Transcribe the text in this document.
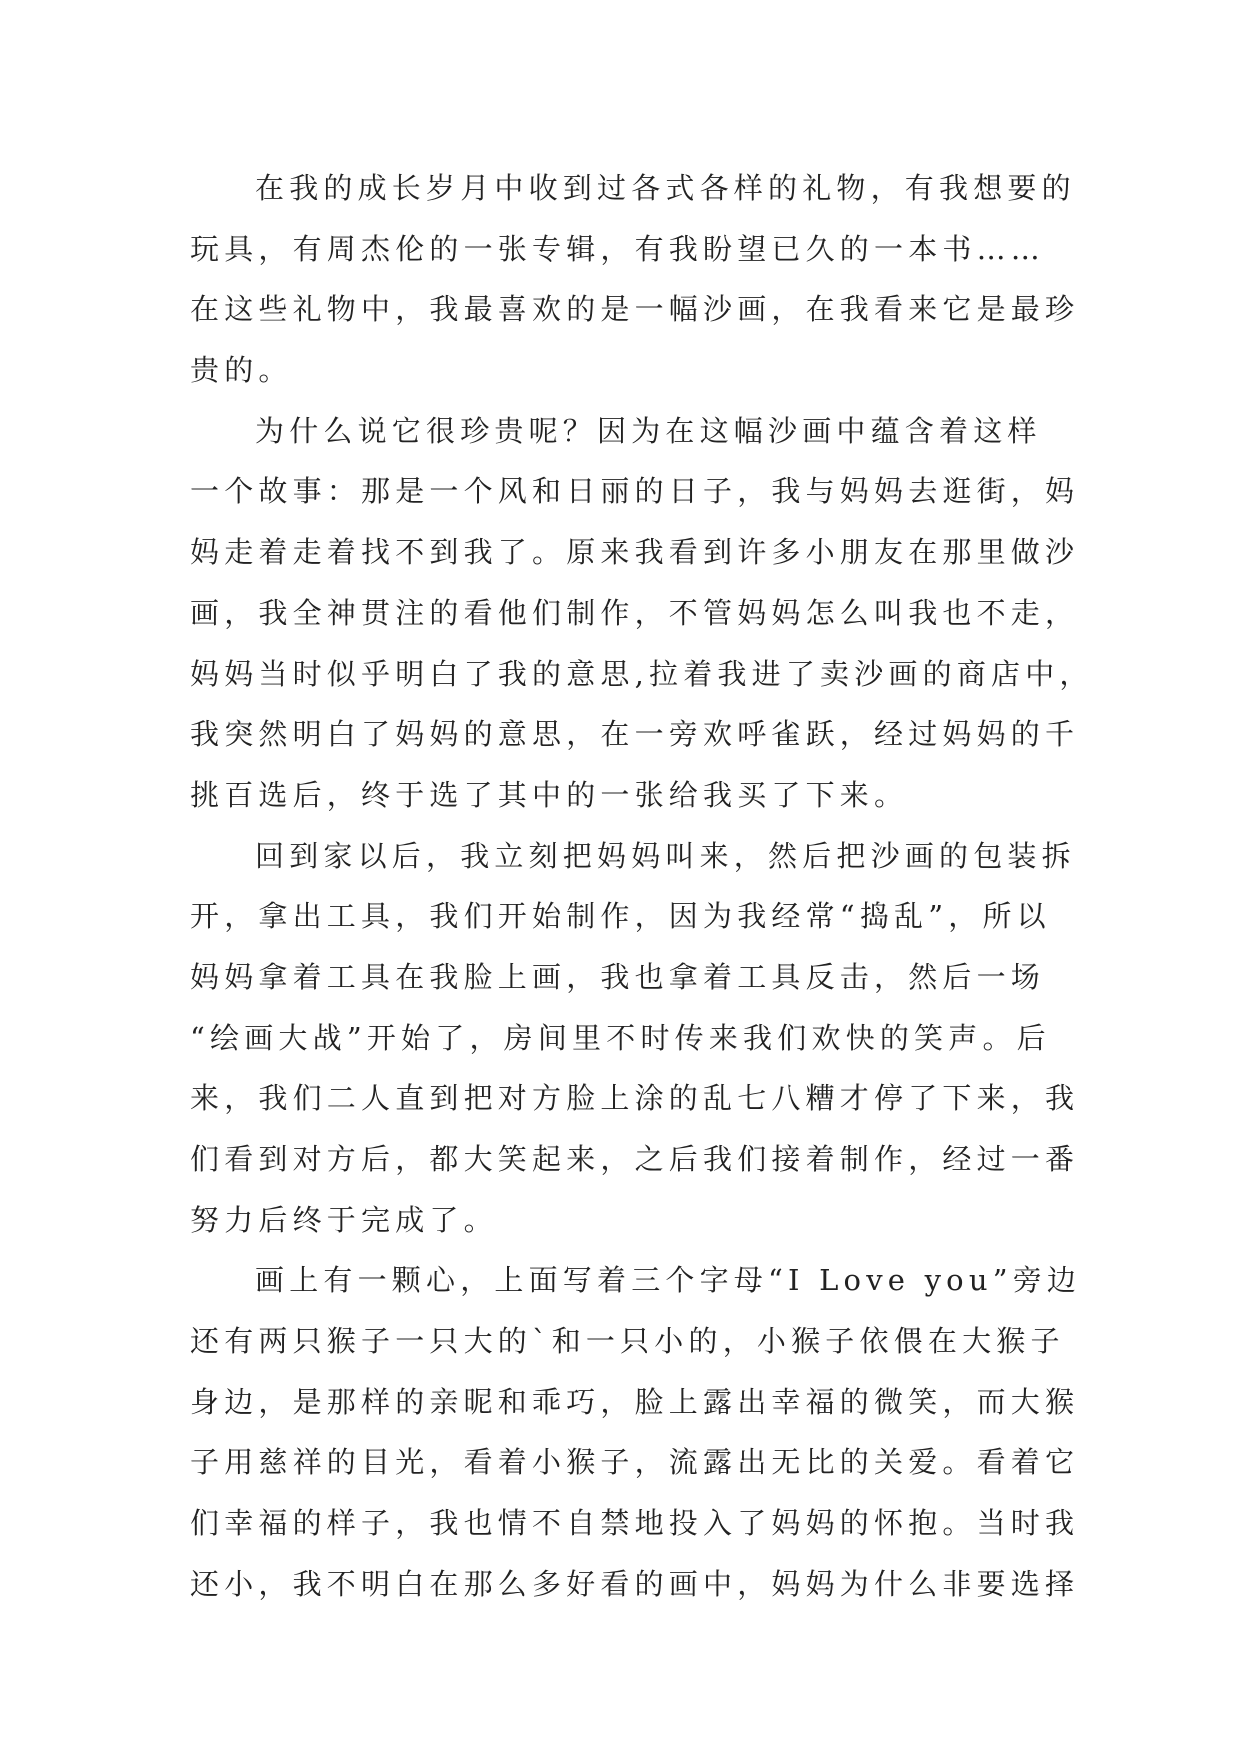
在我的成长岁月中收到过各式各样的礼物，有我想要的
玩具，有周杰伦的一张专辑，有我盼望已久的一本书……
在这些礼物中，我最喜欢的是一幅沙画，在我看来它是最珍
贵的。
为什么说它很珍贵呢？因为在这幅沙画中蕴含着这样
一个故事：那是一个风和日丽的日子，我与妈妈去逛街，妈
妈走着走着找不到我了。原来我看到许多小朋友在那里做沙
画，我全神贯注的看他们制作，不管妈妈怎么叫我也不走，
妈妈当时似乎明白了我的意思,拉着我进了卖沙画的商店中，
我突然明白了妈妈的意思，在一旁欢呼雀跃，经过妈妈的千
挑百选后，终于选了其中的一张给我买了下来。
回到家以后，我立刻把妈妈叫来，然后把沙画的包装拆
开，拿出工具，我们开始制作，因为我经常“捣乱”，所以
妈妈拿着工具在我脸上画，我也拿着工具反击，然后一场
“绘画大战”开始了，房间里不时传来我们欢快的笑声。后
来，我们二人直到把对方脸上涂的乱七八糟才停了下来，我
们看到对方后，都大笑起来，之后我们接着制作，经过一番
努力后终于完成了。
画上有一颗心，上面写着三个字母“I Love you”旁边
还有两只猴子一只大的`和一只小的，小猴子依偎在大猴子
身边，是那样的亲昵和乖巧，脸上露出幸福的微笑，而大猴
子用慈祥的目光，看着小猴子，流露出无比的关爱。看着它
们幸福的样子，我也情不自禁地投入了妈妈的怀抱。当时我
还小，我不明白在那么多好看的画中，妈妈为什么非要选择
